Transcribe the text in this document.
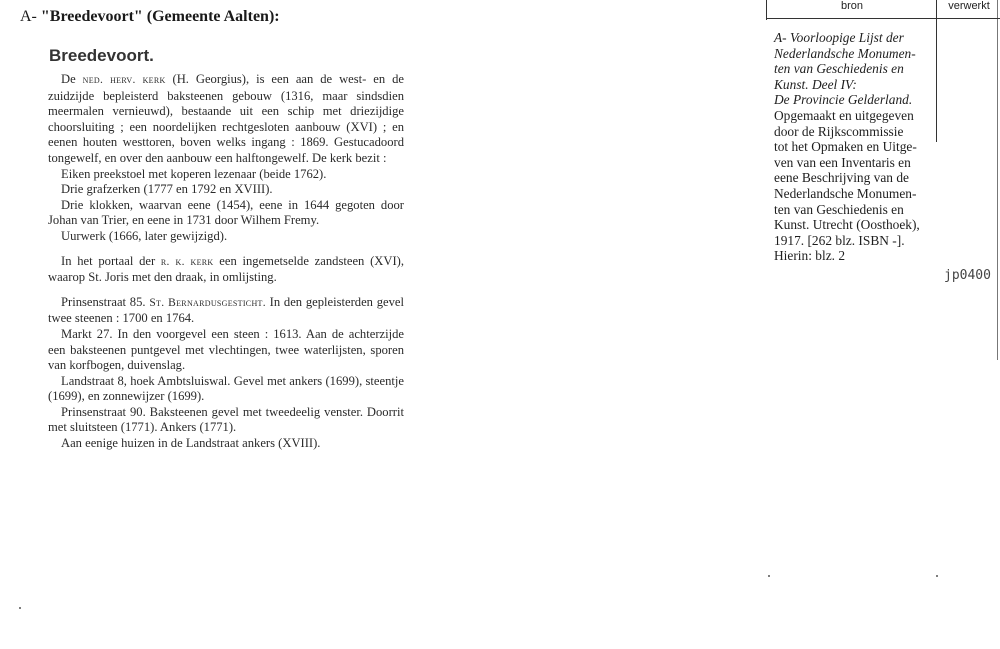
A- "Breedevoort" (Gemeente Aalten):
Breedevoort.

De ned. herv. kerk (H. Georgius), is een aan de west- en de zuidzijde bepleisterd baksteenen gebouw (1316, maar sindsdien meermalen vernieuwd), bestaande uit een schip met driezijdige choorsluiting ; een noordelijken rechtgesloten aanbouw (XVI) ; en eenen houten westtoren, boven welks ingang : 1869. Gestucadoord tongewelf, en over den aanbouw een halftongewelf. De kerk bezit :

Eiken preekstoel met koperen lezenaar (beide 1762).

Drie grafzerken (1777 en 1792 en XVIII).

Drie klokken, waarvan eene (1454), eene in 1644 gegoten door Johan van Trier, en eene in 1731 door Wilhem Fremy.

Uurwerk (1666, later gewijzigd).

In het portaal der r. k. kerk een ingemetselde zandsteen (XVI), waarop St. Joris met den draak, in omlijsting.

Prinsenstraat 85. St. Bernardusgesticht. In den gepleisterden gevel twee steenen : 1700 en 1764.

Markt 27. In den voorgevel een steen : 1613. Aan de achterzijde een baksteenen puntgevel met vlechtingen, twee waterlijsten, sporen van korfbogen, duivenslag.

Landstraat 8, hoek Ambtsluiswal. Gevel met ankers (1699), steentje (1699), en zonnewijzer (1699).

Prinsenstraat 90. Baksteenen gevel met tweedeelig venster. Doorrit met sluitsteen (1771). Ankers (1771).

Aan eenige huizen in de Landstraat ankers (XVIII).

bron	verwerkt
A- Voorloopige Lijst der
Nederlandsche Monumen-
ten van Geschiedenis en
Kunst. Deel IV:
De Provincie Gelderland.
Opgemaakt en uitgegeven
door de Rijkscommissie
tot het Opmaken en Uitge-
ven van een Inventaris en
eene Beschrijving van de
Nederlandsche Monumen-
ten van Geschiedenis en
Kunst. Utrecht (Oosthoek),
1917. [262 blz. ISBN -].
Hierin: blz. 2
jp0400
